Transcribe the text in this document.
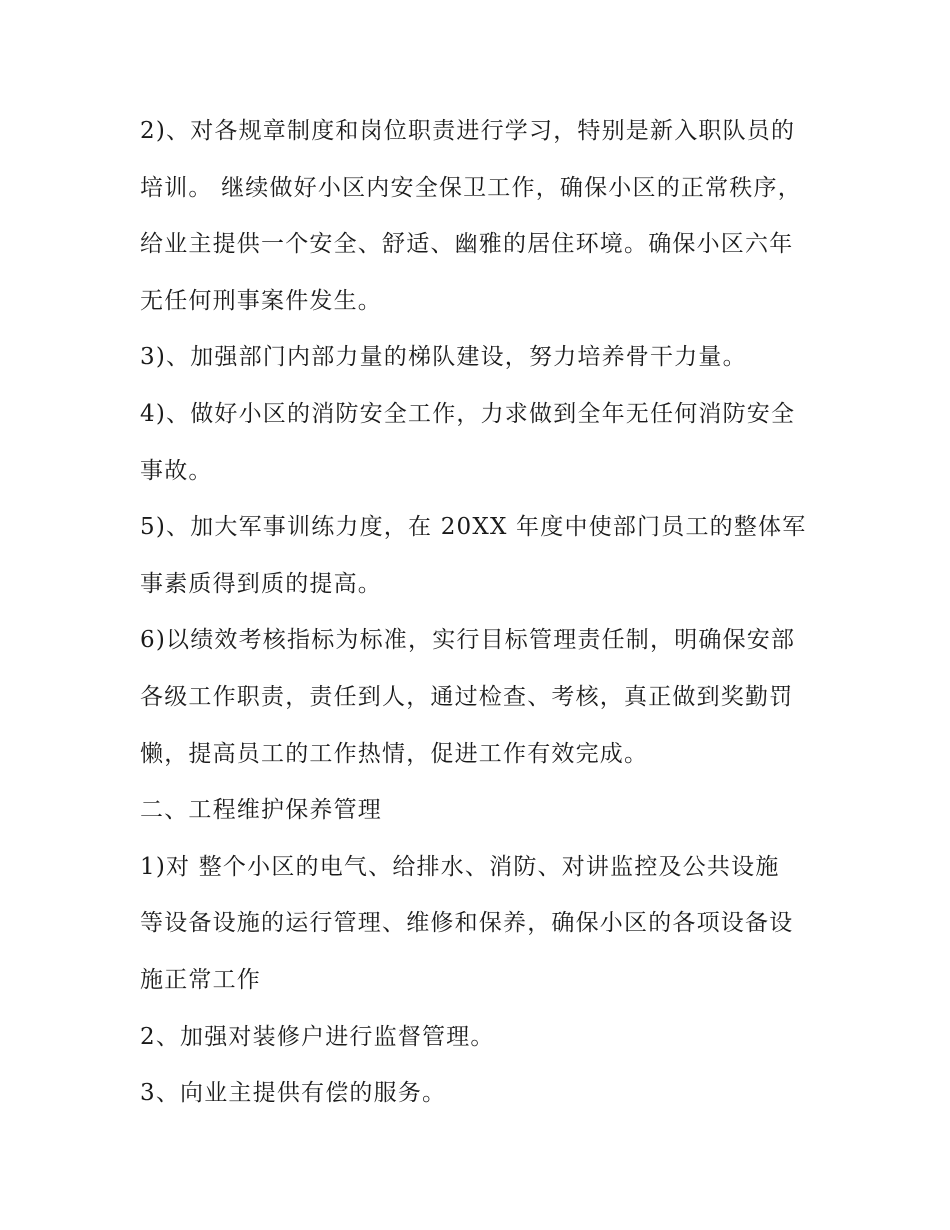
2)、对各规章制度和岗位职责进行学习，特别是新入职队员的

培训。 继续做好小区内安全保卫工作，确保小区的正常秩序，

给业主提供一个安全、舒适、幽雅的居住环境。确保小区六年

无任何刑事案件发生。

3)、加强部门内部力量的梯队建设，努力培养骨干力量。

4)、做好小区的消防安全工作，力求做到全年无任何消防安全

事故。

5)、加大军事训练力度，在 20XX 年度中使部门员工的整体军

事素质得到质的提高。

6)以绩效考核指标为标准，实行目标管理责任制，明确保安部

各级工作职责，责任到人，通过检查、考核，真正做到奖勤罚

懒，提高员工的工作热情，促进工作有效完成。

二、工程维护保养管理

1)对 整个小区的电气、给排水、消防、对讲监控及公共设施

等设备设施的运行管理、维修和保养，确保小区的各项设备设

施正常工作

2、加强对装修户进行监督管理。

3、向业主提供有偿的服务。
